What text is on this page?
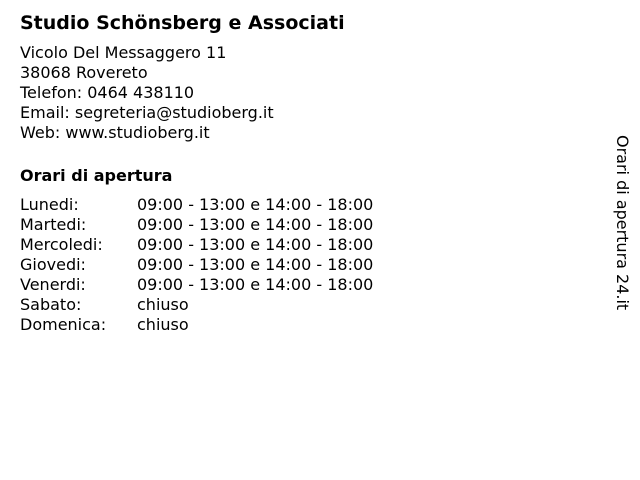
Studio Schönsberg e Associati
Vicolo Del Messaggero 11
38068 Rovereto
Telefon: 0464 438110
Email: segreteria@studioberg.it
Web: www.studioberg.it
Orari di apertura
Lunedi:	09:00 - 13:00 e 14:00 - 18:00
Martedi:	09:00 - 13:00 e 14:00 - 18:00
Mercoledi:	09:00 - 13:00 e 14:00 - 18:00
Giovedi:	09:00 - 13:00 e 14:00 - 18:00
Venerdi:	09:00 - 13:00 e 14:00 - 18:00
Sabato:	chiuso
Domenica:	chiuso
Orari di apertura 24.it
